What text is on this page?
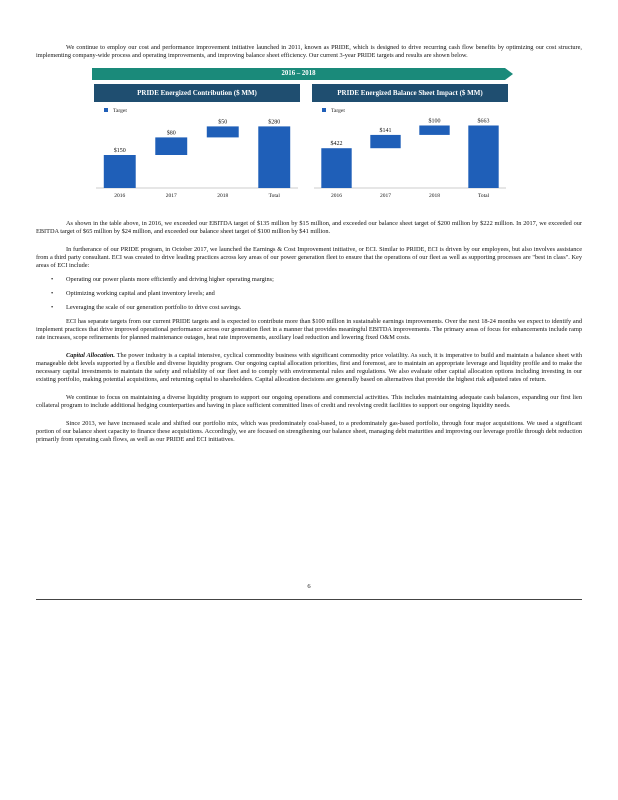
We continue to employ our cost and performance improvement initiative launched in 2011, known as PRIDE, which is designed to drive recurring cash flow benefits by optimizing our cost structure, implementing company-wide process and operating improvements, and improving balance sheet efficiency. Our current 3-year PRIDE targets and results are shown below.

2016 – 2018
PRIDE Energized Contribution ($ MM)	PRIDE Energized Balance Sheet Impact ($ MM)
Target
$150
2016
$80
2017
$50
2018
$280
Total
Target
$422
2016
$141
2017
$100
2018
$663
Total

As shown in the table above, in 2016, we exceeded our EBITDA target of $135 million by $15 million, and exceeded our balance sheet target of $200 million by $222 million. In 2017, we exceeded our EBITDA target of $65 million by $24 million, and exceeded our balance sheet target of $100 million by $41 million.

In furtherance of our PRIDE program, in October 2017, we launched the Earnings & Cost Improvement initiative, or ECI. Similar to PRIDE, ECI is driven by our employees, but also involves assistance from a third party consultant. ECI was created to drive leading practices across key areas of our power generation fleet to ensure that the operations of our fleet as well as supporting processes are "best in class". Key areas of ECI include:

• Operating our power plants more efficiently and driving higher operating margins;
• Optimizing working capital and plant inventory levels; and
• Leveraging the scale of our generation portfolio to drive cost savings.

ECI has separate targets from our current PRIDE targets and is expected to contribute more than $100 million in sustainable earnings improvements. Over the next 18-24 months we expect to identify and implement practices that drive improved operational performance across our generation fleet in a manner that provides meaningful EBITDA improvements. The primary areas of focus for enhancements include ramp rate increases, scope refinements for planned maintenance outages, heat rate improvements, auxiliary load reduction and lowering fixed O&M costs.

Capital Allocation. The power industry is a capital intensive, cyclical commodity business with significant commodity price volatility. As such, it is imperative to build and maintain a balance sheet with manageable debt levels supported by a flexible and diverse liquidity program. Our ongoing capital allocation priorities, first and foremost, are to maintain an appropriate leverage and liquidity profile and to make the necessary capital investments to maintain the safety and reliability of our fleet and to comply with environmental rules and regulations. We also evaluate other capital allocation options including investing in our existing portfolio, making potential acquisitions, and returning capital to shareholders. Capital allocation decisions are generally based on alternatives that provide the highest risk adjusted rates of return.

We continue to focus on maintaining a diverse liquidity program to support our ongoing operations and commercial activities. This includes maintaining adequate cash balances, expanding our first lien collateral program to include additional hedging counterparties and having in place sufficient committed lines of credit and revolving credit facilities to support our ongoing liquidity needs.

Since 2013, we have increased scale and shifted our portfolio mix, which was predominately coal-based, to a predominately gas-based portfolio, through four major acquisitions. We used a significant portion of our balance sheet capacity to finance these acquisitions. Accordingly, we are focused on strengthening our balance sheet, managing debt maturities and improving our leverage profile through debt reduction primarily from operating cash flows, as well as our PRIDE and ECI initiatives.

6
